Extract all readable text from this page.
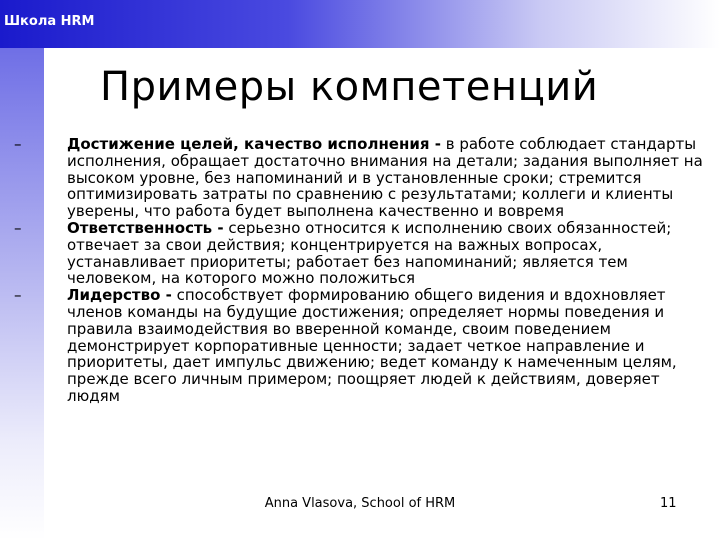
Школа HRM
Примеры компетенций
–	Достижение целей, качество исполнения - в работе соблюдает стандарты исполнения, обращает достаточно внимания на детали; задания выполняет на высоком уровне, без напоминаний и в установленные сроки; стремится оптимизировать затраты по сравнению с результатами; коллеги и клиенты уверены, что работа будет выполнена качественно и вовремя
–	Ответственность - серьезно относится к исполнению своих обязанностей; отвечает за свои действия; концентрируется на важных вопросах, устанавливает приоритеты; работает без напоминаний; является тем человеком, на которого можно положиться
–	Лидерство - способствует формированию общего видения и вдохновляет членов команды на будущие достижения; определяет нормы поведения и правила взаимодействия во вверенной команде, своим поведением демонстрирует корпоративные ценности; задает четкое направление и приоритеты, дает импульс движению; ведет команду к намеченным целям, прежде всего личным примером; поощряет людей к действиям, доверяет людям
Anna Vlasova, School of HRM	11
